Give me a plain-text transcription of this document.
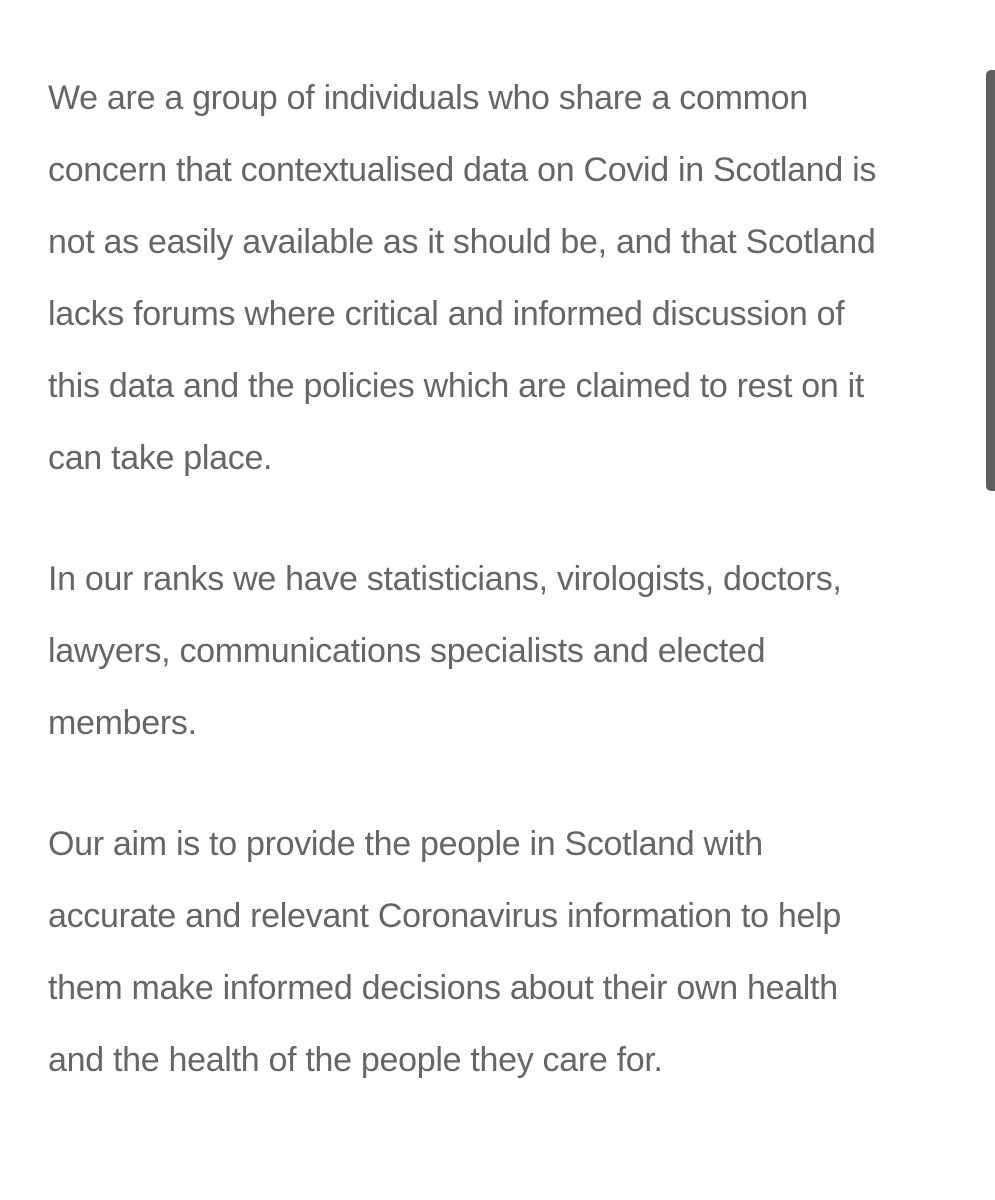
We are a group of individuals who share a common
concern that contextualised data on Covid in Scotland is
not as easily available as it should be, and that Scotland
lacks forums where critical and informed discussion of
this data and the policies which are claimed to rest on it
can take place.

In our ranks we have statisticians, virologists, doctors,
lawyers, communications specialists and elected
members.

Our aim is to provide the people in Scotland with
accurate and relevant Coronavirus information to help
them make informed decisions about their own health
and the health of the people they care for.
